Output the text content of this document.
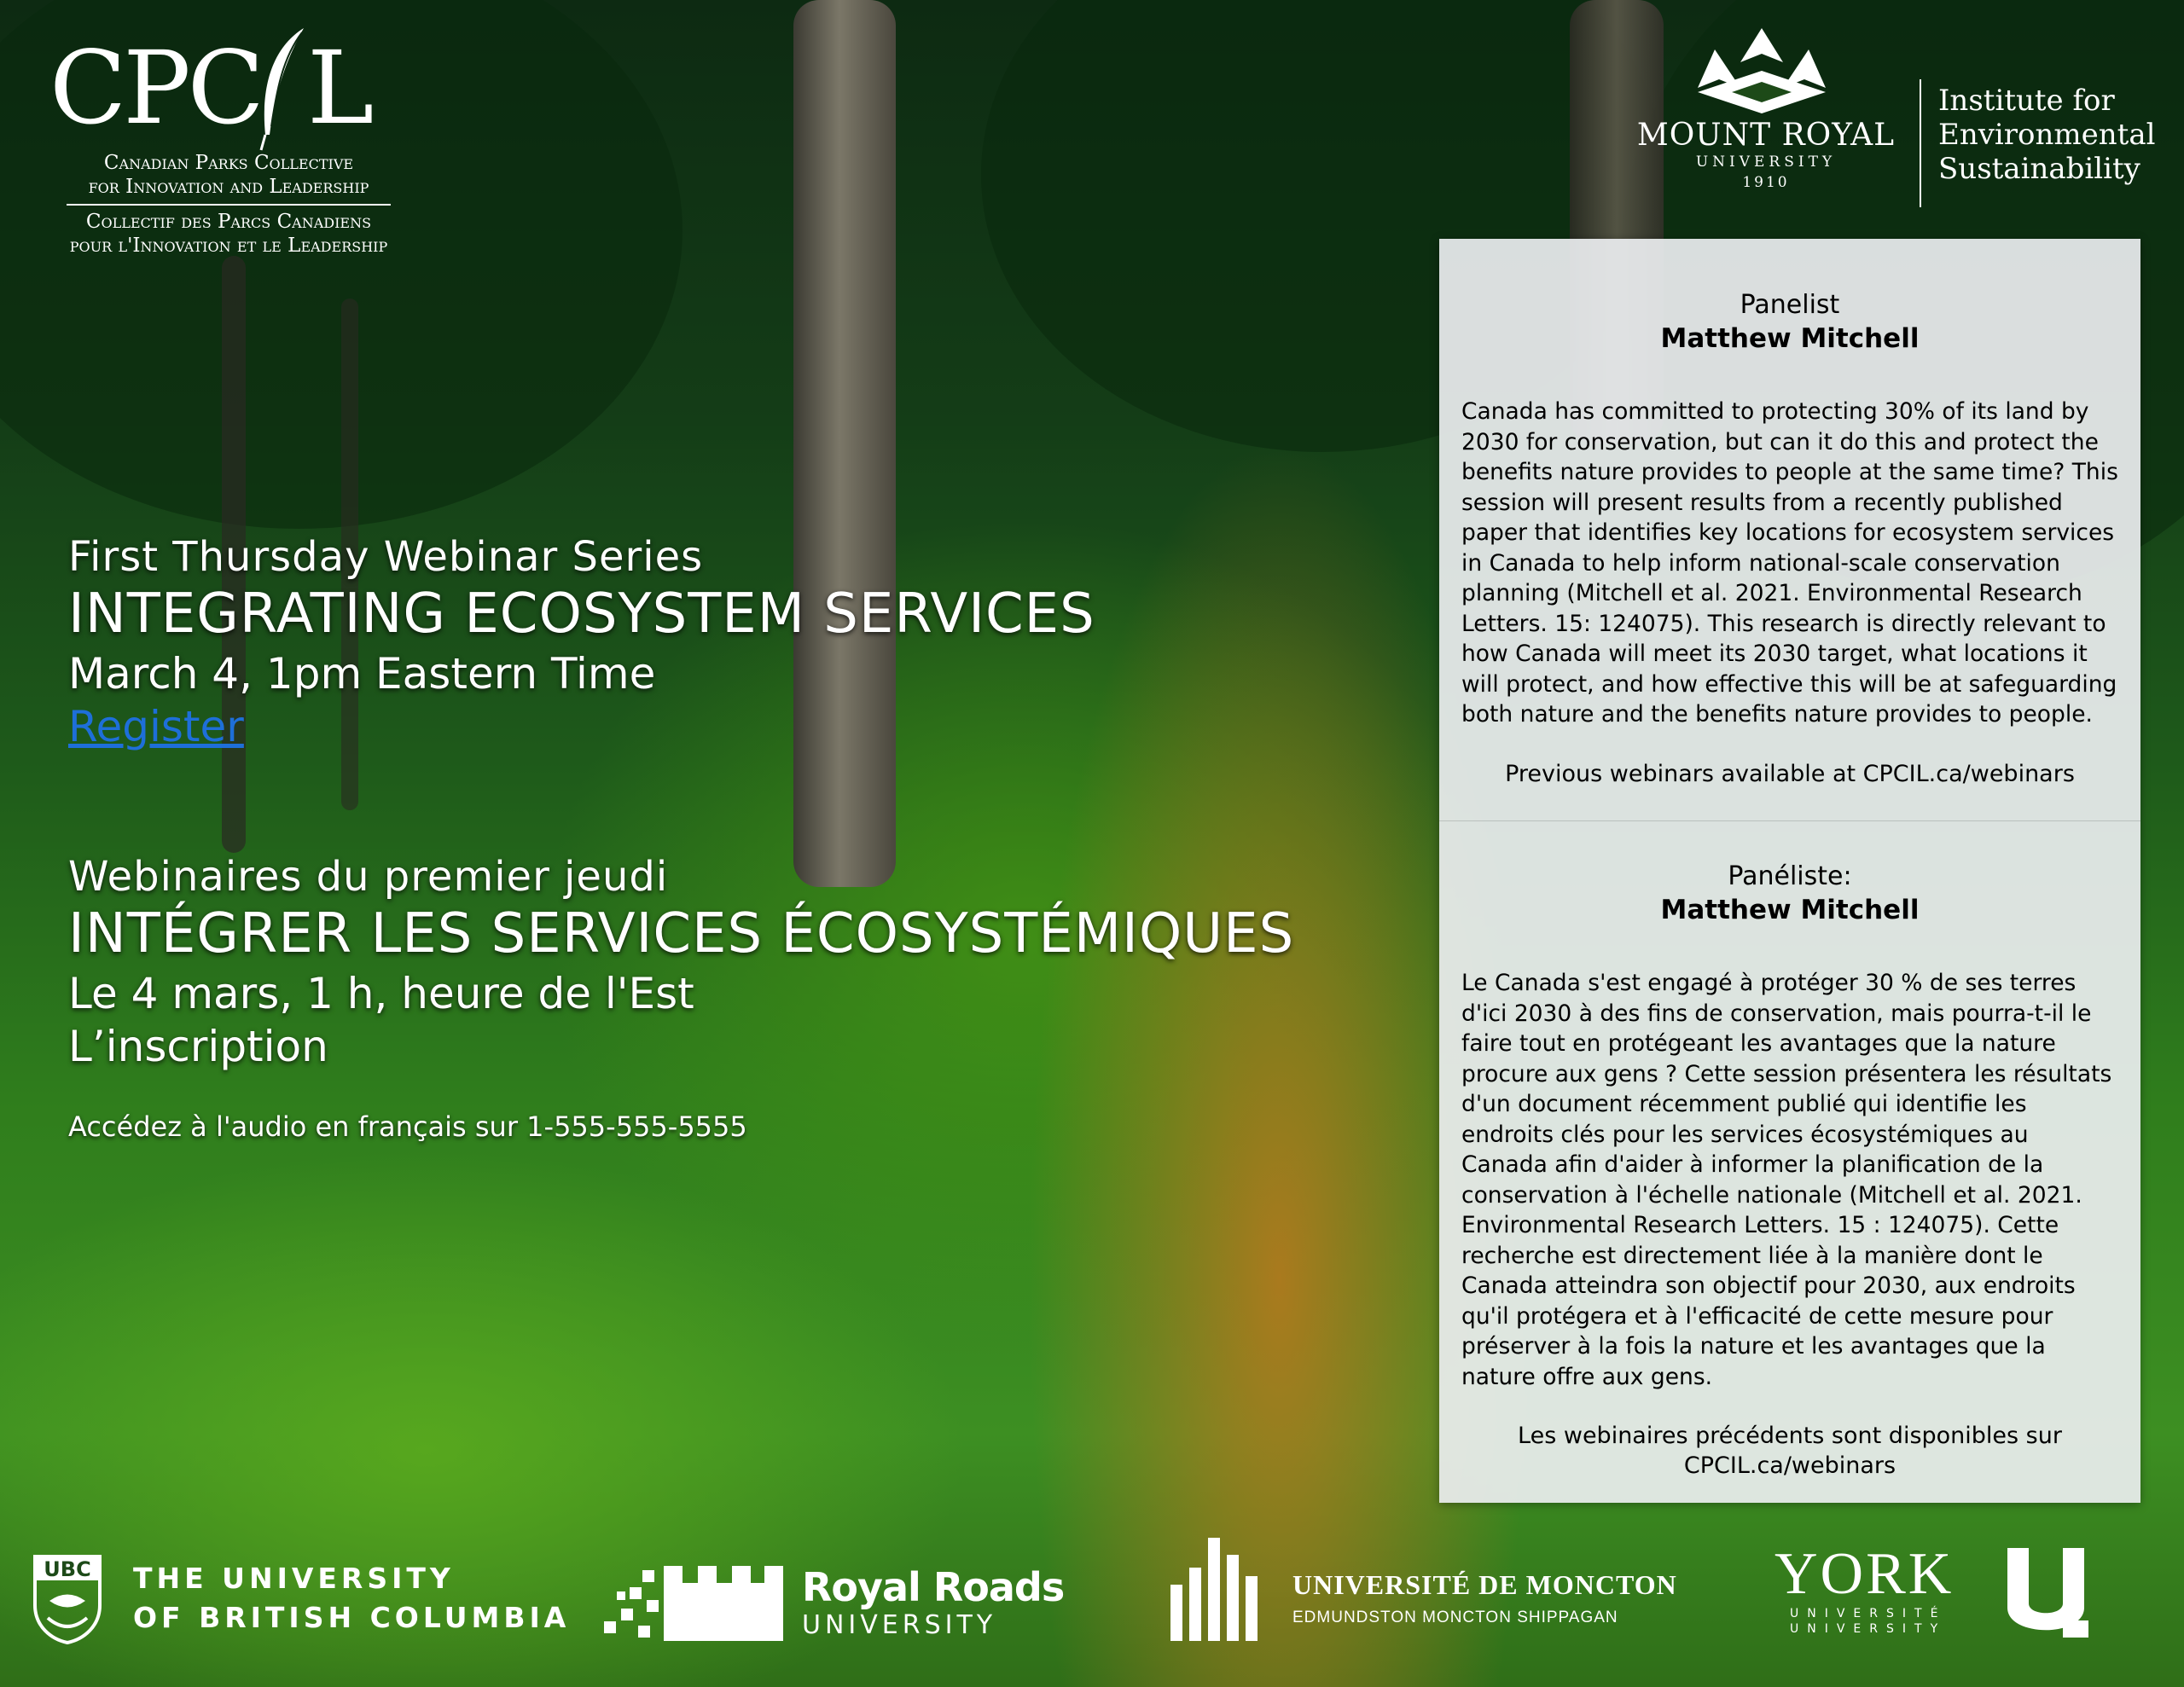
CPC L
Canadian Parks Collective
for Innovation and Leadership
Collectif des Parcs Canadiens
pour l'Innovation et le Leadership
MOUNT ROYAL
UNIVERSITY
1910
Institute for
Environmental
Sustainability
First Thursday Webinar Series
INTEGRATING ECOSYSTEM SERVICES
March 4, 1pm Eastern Time
Register
Webinaires du premier jeudi
INTÉGRER LES SERVICES ÉCOSYSTÉMIQUES
Le 4 mars, 1 h, heure de l'Est
L’inscription
Accédez à l'audio en français sur 1-555-555-5555
Panelist
Matthew Mitchell
Canada has committed to protecting 30% of its land by 2030 for conservation, but can it do this and protect the benefits nature provides to people at the same time? This session will present results from a recently published paper that identifies key locations for ecosystem services in Canada to help inform national-scale conservation planning (Mitchell et al. 2021. Environmental Research Letters. 15: 124075). This research is directly relevant to how Canada will meet its 2030 target, what locations it will protect, and how effective this will be at safeguarding both nature and the benefits nature provides to people.
Previous webinars available at CPCIL.ca/webinars
Panéliste:
Matthew Mitchell
Le Canada s'est engagé à protéger 30 % de ses terres d'ici 2030 à des fins de conservation, mais pourra-t-il le faire tout en protégeant les avantages que la nature procure aux gens ? Cette session présentera les résultats d'un document récemment publié qui identifie les endroits clés pour les services écosystémiques au Canada afin d'aider à informer la planification de la conservation à l'échelle nationale (Mitchell et al. 2021. Environmental Research Letters. 15 : 124075). Cette recherche est directement liée à la manière dont le Canada atteindra son objectif pour 2030, aux endroits qu'il protégera et à l'efficacité de cette mesure pour préserver à la fois la nature et les avantages que la nature offre aux gens.
Les webinaires précédents sont disponibles sur CPCIL.ca/webinars
UBC THE UNIVERSITY
OF BRITISH COLUMBIA
Royal Roads
UNIVERSITY
UNIVERSITÉ DE MONCTON
EDMUNDSTON MONCTON SHIPPAGAN
YORK
UNIVERSITÉ
UNIVERSITY
